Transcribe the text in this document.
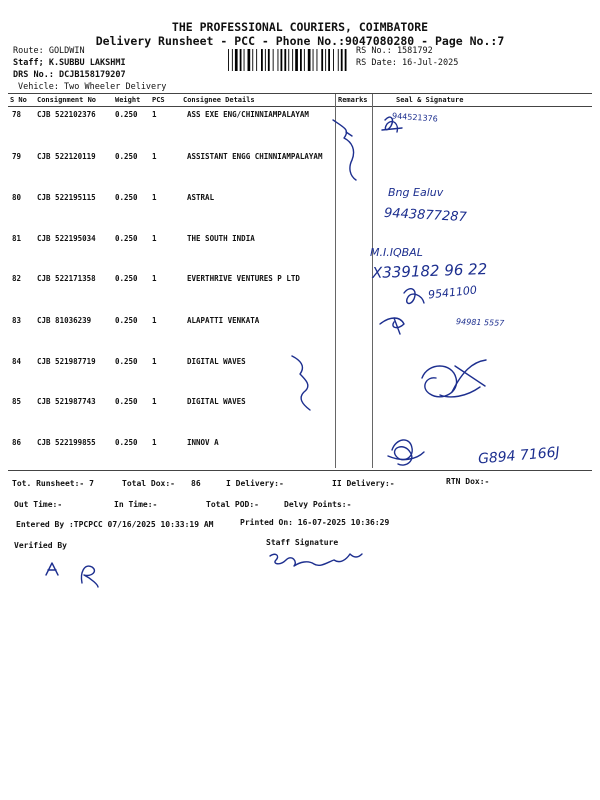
THE PROFESSIONAL COURIERS, COIMBATORE
Delivery Runsheet - PCC - Phone No.:9047080280 - Page No.:7
Route: GOLDWIN
Staff; K.SUBBU LAKSHMI
DRS No.: DCJB158179207
Vehicle: Two Wheeler Delivery
RS No.: 1581792
RS Date: 16-Jul-2025
S No Consignment No	Weight PCS	Consignee Details	Remarks	Seal & Signature
78 CJB 522102376	0.250 1	ASS EXE ENG/CHINNIAMPALAYAM
79 CJB 522120119	0.250 1	ASSISTANT ENGG CHINNIAMPALAYAM
80 CJB 522195115	0.250 1	ASTRAL
81 CJB 522195034	0.250 1	THE SOUTH INDIA
82 CJB 522171358	0.250 1	EVERTHRIVE VENTURES P LTD
83 CJB 81036239	0.250 1	ALAPATTI VENKATA
84 CJB 521987719	0.250 1	DIGITAL WAVES
85 CJB 521987743	0.250 1	DIGITAL WAVES
86 CJB 522199855	0.250 1	INNOV A
944521376
Bng Ealuv
9443877287
M.I.IQBAL
X339182 96 22
9541100
94981 5557
G894 7166J
Tot. Runsheet:- 7	Total Dox:- 86	I Delivery:-	II Delivery:-	RTN Dox:-
Out Time:-	In Time:-	Total POD:-	Delvy Points:-
Entered By :TPCPCC 07/16/2025 10:33:19 AM	Printed On: 16-07-2025 10:36:29
Verified By	Staff Signature
